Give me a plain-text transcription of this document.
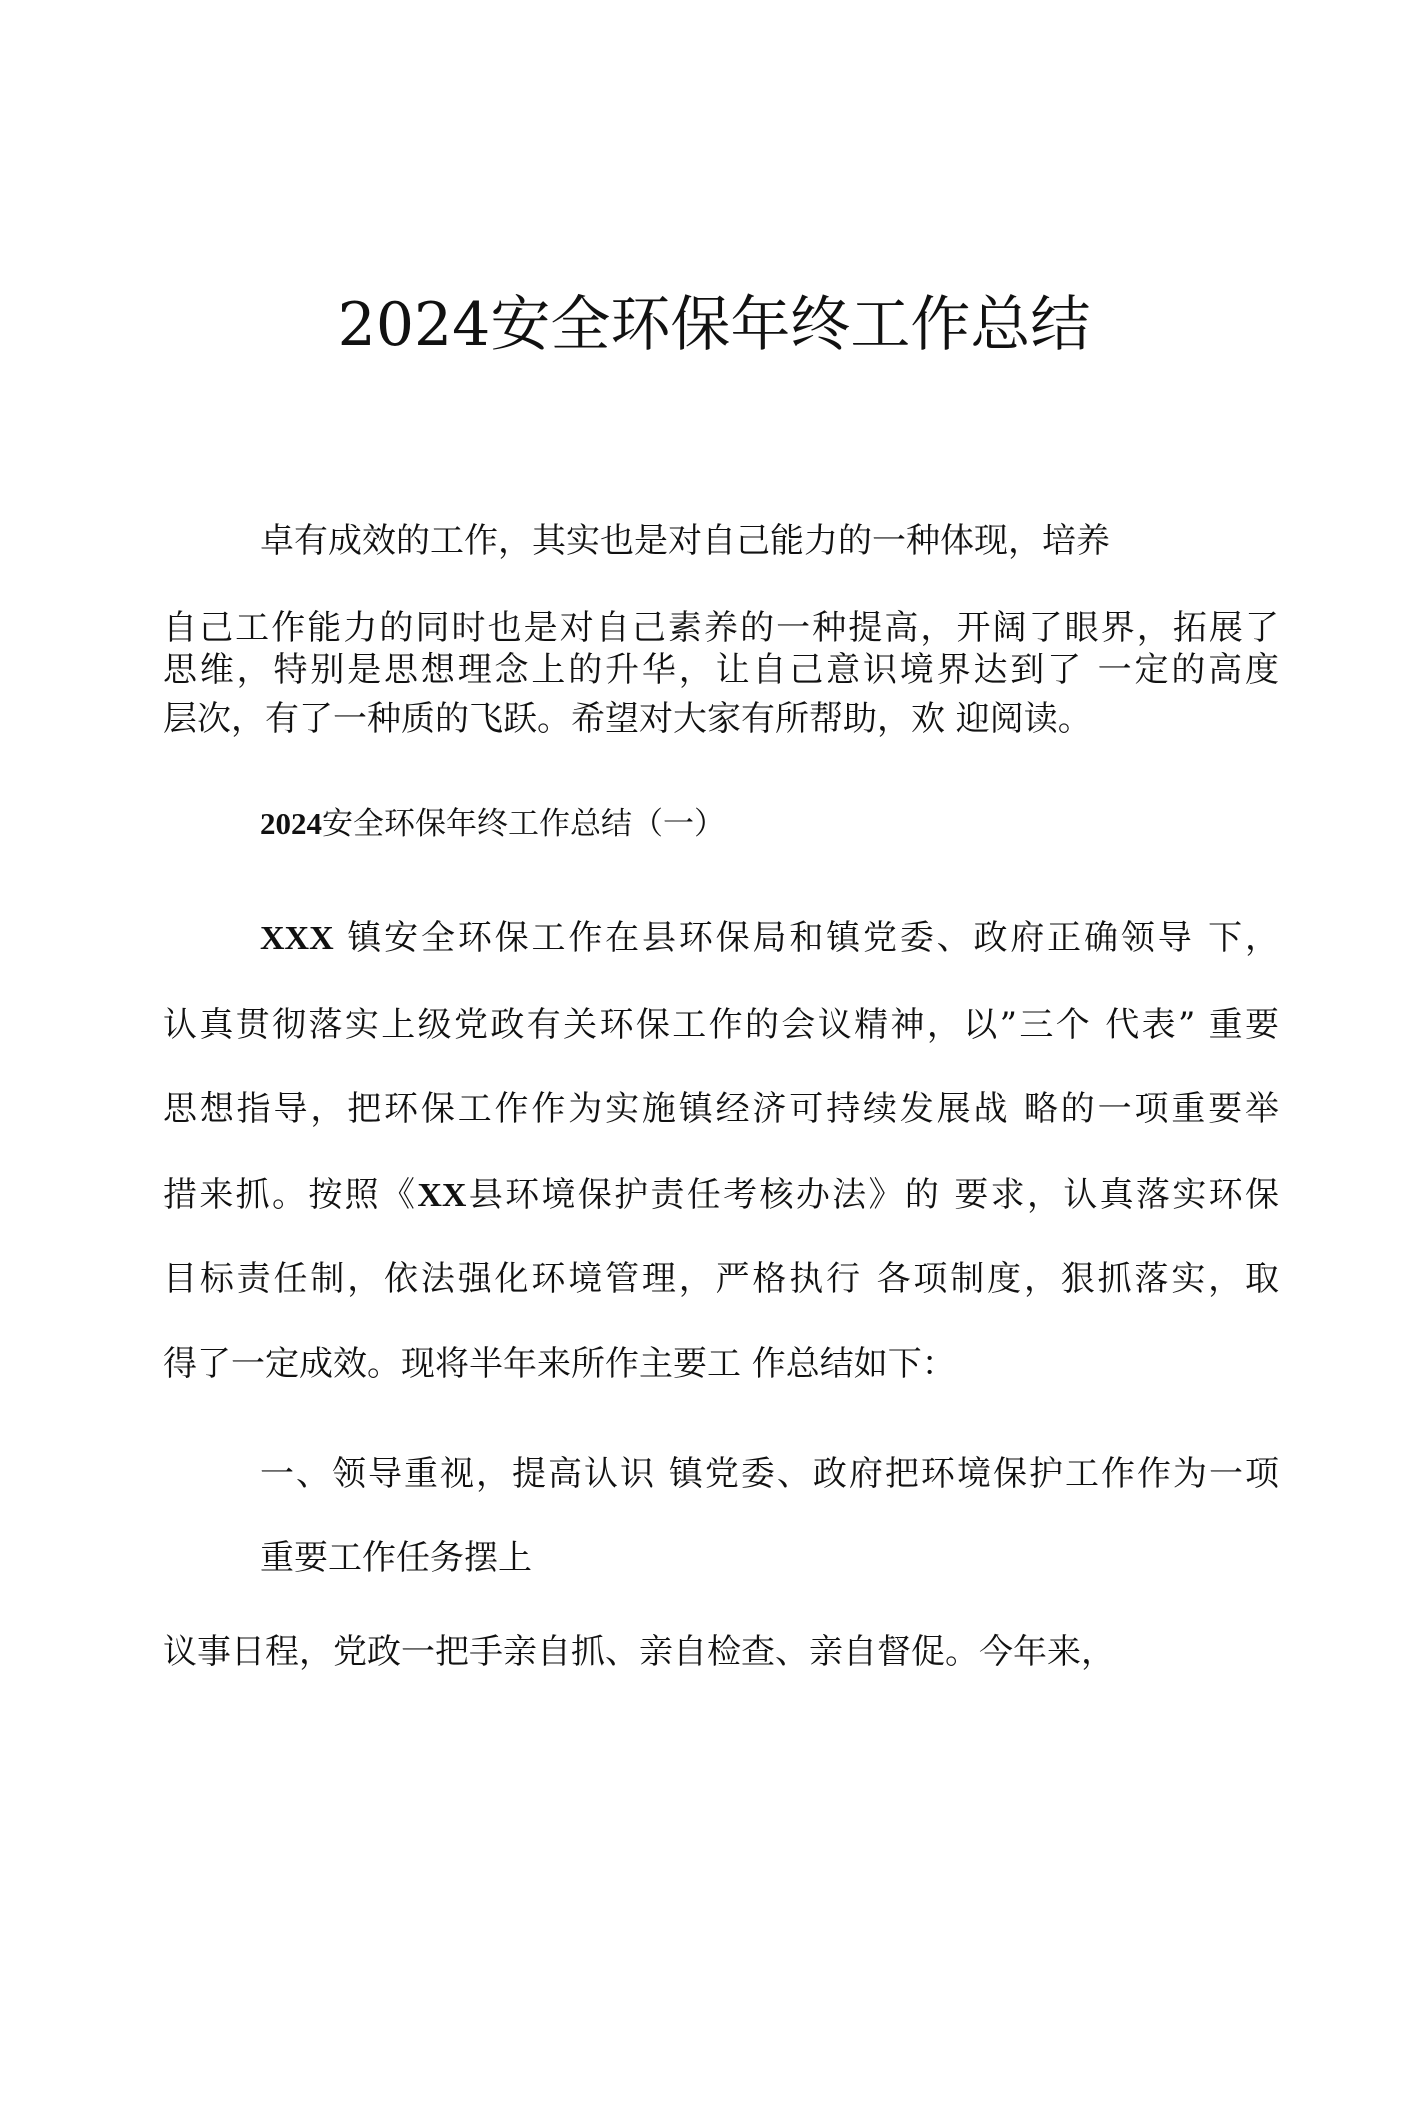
2024安全环保年终工作总结
卓有成效的工作，其实也是对自己能力的一种体现，培养
自己工作能力的同时也是对自己素养的一种提高，开阔了眼界，拓展了
思维，特别是思想理念上的升华，让自己意识境界达到了 一定的高度
层次，有了一种质的飞跃。希望对大家有所帮助，欢 迎阅读。
2024安全环保年终工作总结（一）
XXX 镇安全环保工作在县环保局和镇党委、政府正确领导 下，
认真贯彻落实上级党政有关环保工作的会议精神，以”三个 代表” 重要
思想指导，把环保工作作为实施镇经济可持续发展战 略的一项重要举
措来抓。按照《XX县环境保护责任考核办法》的 要求，认真落实环保
目标责任制，依法强化环境管理，严格执行 各项制度，狠抓落实，取
得了一定成效。现将半年来所作主要工 作总结如下：
一、领导重视，提高认识 镇党委、政府把环境保护工作作为一项
重要工作任务摆上
议事日程，党政一把手亲自抓、亲自检查、亲自督促。今年来，
